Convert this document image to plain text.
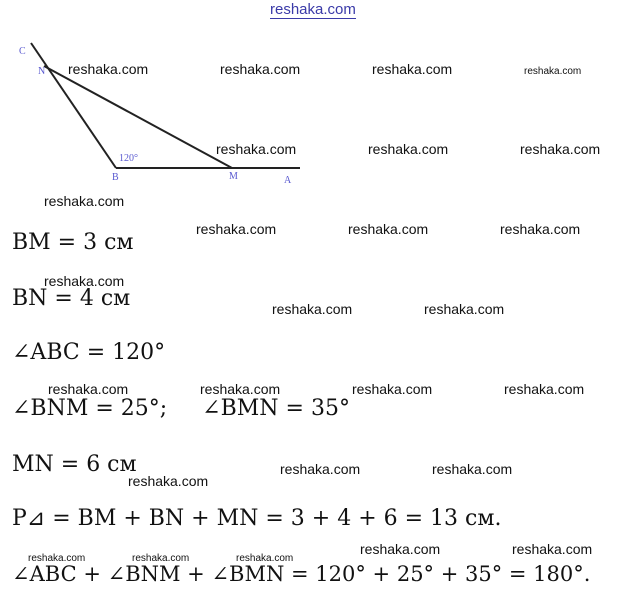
reshaka.com
C
N
120°
B	M	A
reshaka.com	reshaka.com	reshaka.com	reshaka.com
reshaka.com	reshaka.com	reshaka.com
reshaka.com
reshaka.com	reshaka.com	reshaka.com
reshaka.com
reshaka.com	reshaka.com
reshaka.com	reshaka.com	reshaka.com	reshaka.com
reshaka.com	reshaka.com
reshaka.com
reshaka.com	reshaka.com
reshaka.com	reshaka.com	reshaka.com
BM = 3 см
BN = 4 см
∠ABC = 120°
∠BNM = 25°;     ∠BMN = 35°
MN = 6 см
P⊿ = BM + BN + MN = 3 + 4 + 6 = 13 см.
∠ABC + ∠BNM + ∠BMN = 120° + 25° + 35° = 180°.
